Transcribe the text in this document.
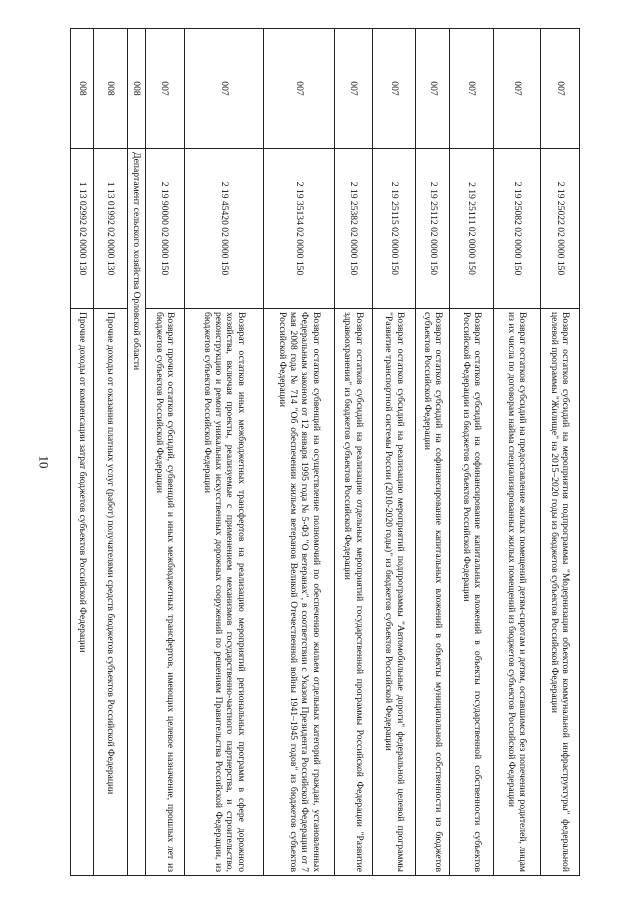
10
007	2 19 25022 02 0000 150	Возврат остатков субсидий на мероприятия подпрограммы "Модернизация объектов коммунальной инфраструктуры" федеральной целевой программы "Жилище" на 2015–2020 годы из бюджетов субъектов Российской Федерации
007	2 19 25082 02 0000 150	Возврат остатков субсидий на предоставление жилых помещений детям-сиротам и детям, оставшимся без попечения родителей, лицам из их числа по договорам найма специализированных жилых помещений из бюджетов субъектов Российской Федерации
007	2 19 25111 02 0000 150	Возврат остатков субсидий на софинансирование капитальных вложений в объекты государственной собственности субъектов Российской Федерации из бюджетов субъектов Российской Федерации
007	2 19 25112 02 0000 150	Возврат остатков субсидий на софинансирование капитальных вложений в объекты муниципальной собственности из бюджетов субъектов Российской Федерации
007	2 19 25115 02 0000 150	Возврат остатков субсидий на реализацию мероприятий подпрограммы "Автомобильные дороги" федеральной целевой программы "Развитие транспортной системы России (2010-2020 годы)" из бюджетов субъектов Российской Федерации
007	2 19 25382 02 0000 150	Возврат остатков субсидий на реализацию отдельных мероприятий государственной программы Российской Федерации "Развитие здравоохранения" из бюджетов субъектов Российской Федерации
007	2 19 35134 02 0000 150	Возврат остатков субвенций на осуществление полномочий по обеспечению жильем отдельных категорий граждан, установленных Федеральным законом от 12 января 1995 года № 5-ФЗ "О ветеранах", в соответствии с Указом Президента Российской Федерации от 7 мая 2008 года № 714 "Об обеспечении жильем ветеранов Великой Отечественной войны 1941–1945 годов" из бюджетов субъектов Российской Федерации
007	2 19 45420 02 0000 150	Возврат остатков иных межбюджетных трансфертов на реализацию мероприятий региональных программ в сфере дорожного хозяйства, включая проекты, реализуемые с применением механизмов государственно-частного партнерства, и строительство, реконструкцию и ремонт уникальных искусственных дорожных сооружений по решениям Правительства Российской Федерации, из бюджетов субъектов Российской Федерации
007	2 19 90000 02 0000 150	Возврат прочих остатков субсидий, субвенций и иных межбюджетных трансфертов, имеющих целевое назначение, прошлых лет из бюджетов субъектов Российской Федерации
008	Департамент сельского хозяйства Орловской области	
008	1 13 01992 02 0000 130	Прочие доходы от оказания платных услуг (работ) получателями средств бюджетов субъектов Российской Федерации
008	1 13 02992 02 0000 130	Прочие доходы от компенсации затрат бюджетов субъектов Российской Федерации
